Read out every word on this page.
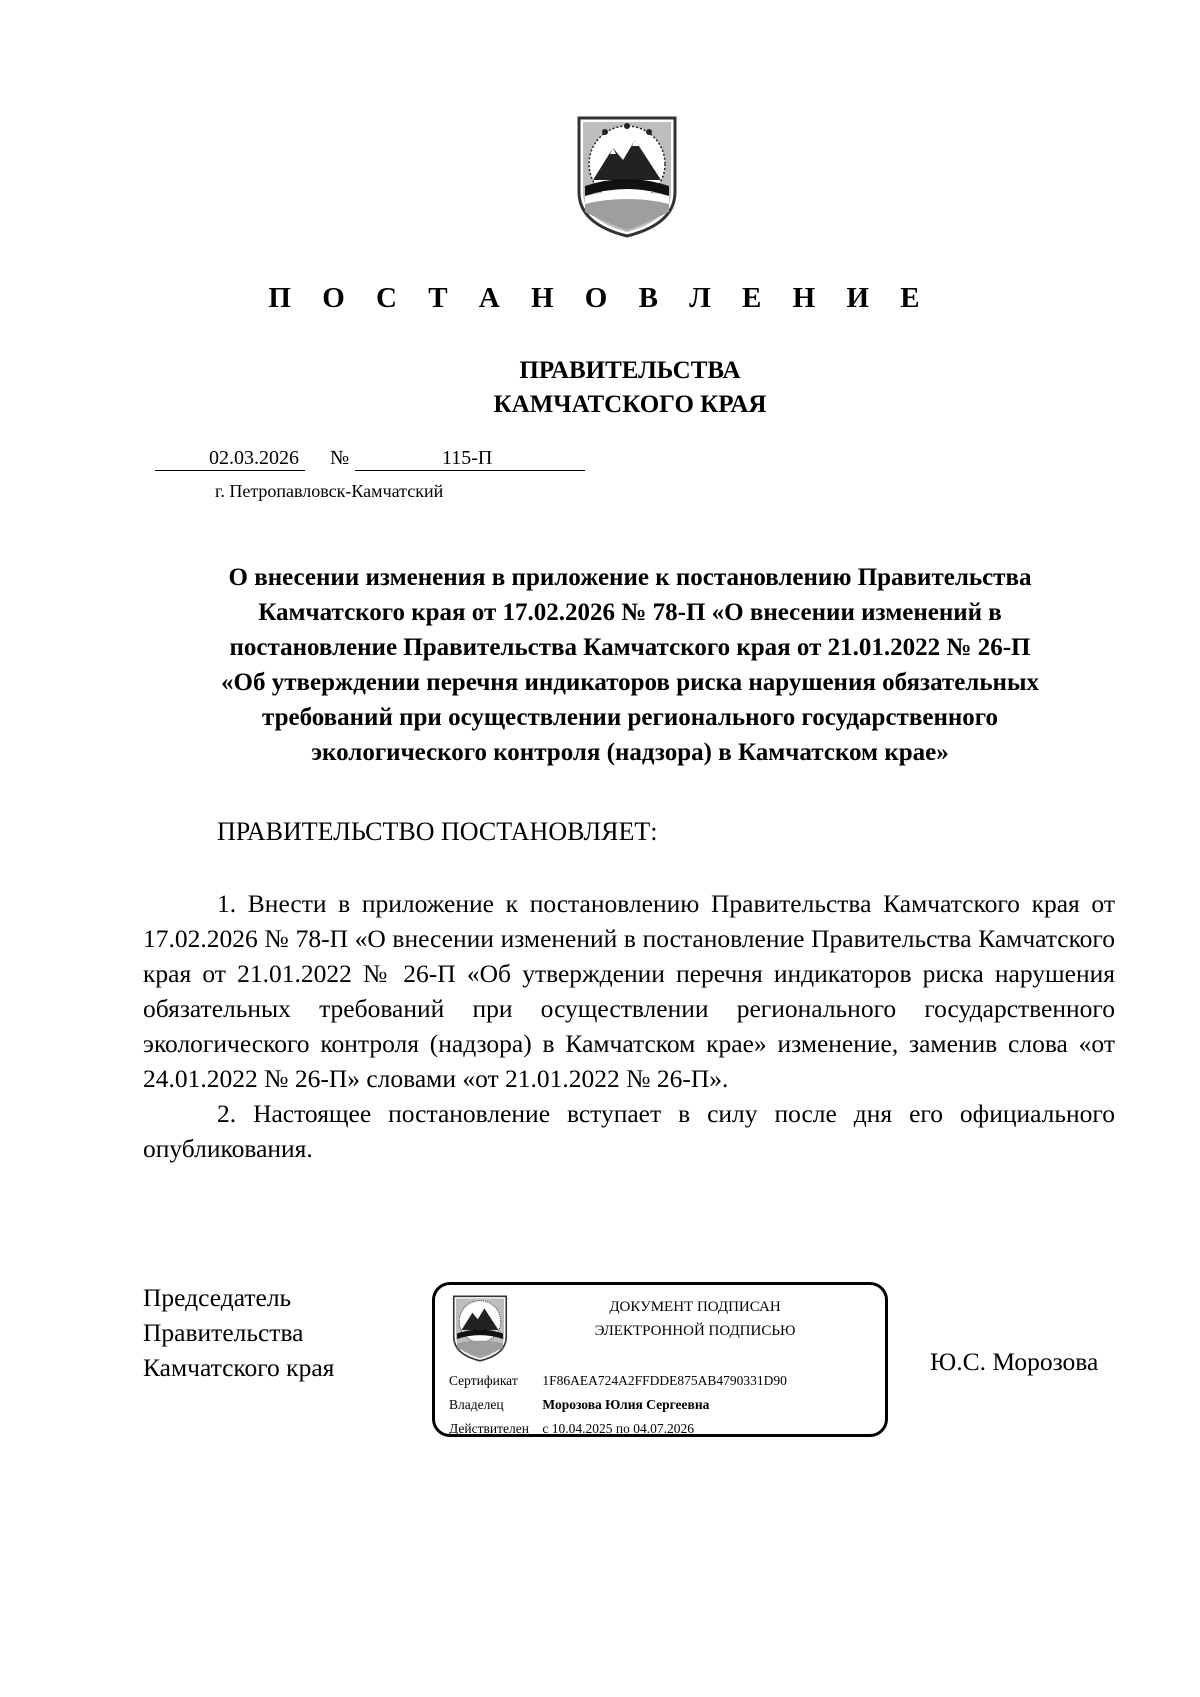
П О С Т А Н О В Л Е Н И Е
ПРАВИТЕЛЬСТВА
КАМЧАТСКОГО КРАЯ
02.03.2026	№
	115-П
г. Петропавловск-Камчатский
О внесении изменения в приложение к постановлению Правительства
Камчатского края от 17.02.2026 № 78-П «О внесении изменений в
постановление Правительства Камчатского края от 21.01.2022 № 26-П
«Об утверждении перечня индикаторов риска нарушения обязательных
требований при осуществлении регионального государственного
экологического контроля (надзора) в Камчатском крае»
ПРАВИТЕЛЬСТВО ПОСТАНОВЛЯЕТ:

1. Внести в приложение к постановлению Правительства Камчатского края от 17.02.2026 № 78-П «О внесении изменений в постановление Правительства Камчатского края от 21.01.2022 № 26-П «Об утверждении перечня индикаторов риска нарушения обязательных требований при осуществлении регионального государственного экологического контроля (надзора) в Камчатском крае» изменение, заменив слова «от 24.01.2022 № 26-П» словами «от 21.01.2022 № 26-П».

2. Настоящее постановление вступает в силу после дня его официального опубликования.

Председатель
Правительства
Камчатского края
ДОКУМЕНТ ПОДПИСАН
ЭЛЕКТРОННОЙ ПОДПИСЬЮ
Сертификат 1F86AEA724A2FFDDE875AB4790331D90
Владелец	Морозова Юлия Сергеевна
Действителен с 10.04.2025 по 04.07.2026
Ю.С. Морозова
